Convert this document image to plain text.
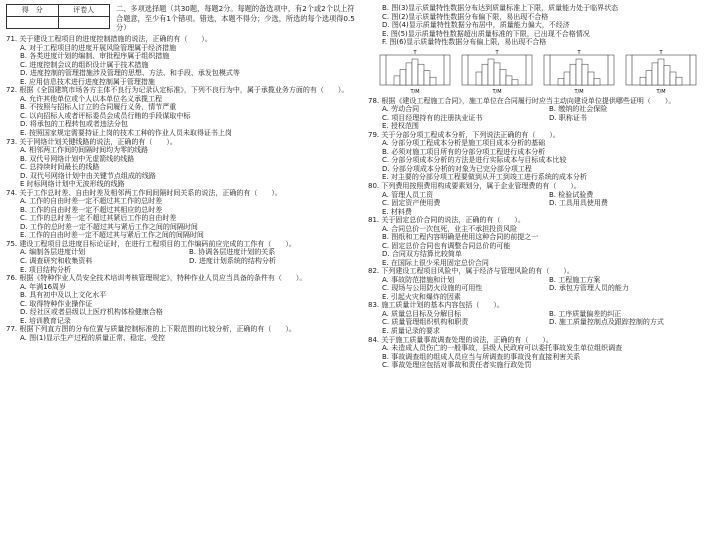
得　分	评卷人
		二、多项选择题（共30题，每题2分。每题的备选项中，有2个或2个以上符合题意，至少有1个错项。错选，本题不得分；少选，所选的每个选项得0.5分）
71. 关于建设工程项目的进度控制措施的说法，正确的有（　　）。
A. 对于工程项目的进度开展风险管理属于经济措施
B. 各类进度计划的编制、审批程序属于组织措施
C. 进度控制会议的组织设计属于技术措施
D. 进度控制的管理措施涉及管理的思想、方法、和手段、承发包模式等
E. 应用信息技术进行进度控制属于管理措施
72. 根据《全国建筑市场各方主体不良行为记录认定标准》，下列不良行为中，属于承揽业务方面的有（　　）。
A. 允许其他单位或个人以本单位名义承揽工程
B. 不按照与招标人订立的合同履行义务，情节严重
C. 以向招标人或者评标委员会成员行贿的手段谋取中标
D. 将承包的工程转包或者违法分包
E. 按照国家规定需要持证上岗的技术工种的作业人员未取得证书上岗
73. 关于网络计划关键线路的说法，正确的有（　　）。
A. 相邻两工作间的间隔时间均为零的线路
B. 双代号网络计划中无虚箭线的线路
C. 总持续时间最长的线路
D. 双代号网络计划中由关键节点组成的线路
E 时标网络计划中无波形线的线路
74. 关于工作总时差、自由时差及相邻两工作间间隔时间关系的说法，正确的有（　　）。
A. 工作的自由时差一定不超过其工作的总时差
B. 工作的自由时差一定不超过其相应的总时差
C. 工作的总时差一定不超过其紧后工作的自由时差
D. 工作的总时差一定不超过其与紧后工作之间的间隔时间
E. 工作的自由时差一定不超过其与紧后工作之间的间隔时间
75. 建设工程项目总进度目标论证时，在进行工程项目的工作编码前应完成的工作有（　　）。
A. 编制各层进度计划	B. 协调各层进度计划的关系
C. 调查研究和收集资料	D. 进度计划系统的结构分析
E. 项目结构分析
76. 根据《特种作业人员安全技术培训考核管理规定》，特种作业人员应当具备的条件有（　　）。
A. 年满16周岁
B. 具有初中及以上文化水平
C. 取得特种作业操作证
D. 经社区或者县级以上医疗机构体检健康合格
E. 培训教育记录
77. 根据下列直方图的分布位置与质量控制标准的上下限范围的比较分析，正确的有（　　）。
A. 图(1)显示生产过程的质量正常、稳定、受控
B. 图(3)显示质量特性数据分布达到质量标准上下限，质量能力处于临界状态
C. 图(2)显示质量特性数据分布偏下限，易出现不合格
D. 图(4)显示质量特性数据分布居中，质量能力偏大，不经济
E. 图(5)显示质量特性数据超出质量标准的下限，已出现不合格情况
F. 图(6)显示质量特性数据分布偏上限，易出现不合格
T
T/M
T
T/M
T
T/M
T
T/M
78. 根据《建设工程施工合同》，施工单位在合同履行时应当主动向建设单位提供哪些证明（　　）。
A. 劳动合同	B. 缴纳的社会保险
C. 项目经理持有的注册执业证书	D. 职称证书
E. 授权范围
79. 关于分部分项工程成本分析，下列说法正确的有（　　）。
A. 分部分项工程成本分析是施工项目成本分析的基础
B. 必须对施工项目所有的分部分项工程进行成本分析
C. 分部分项成本分析的方法是进行实际成本与目标成本比较
D. 分部分项成本分析的对象为已完分部分项工程
E. 对主要的分部分项工程要做到从开工到竣工进行系统的成本分析
80. 下列费用按照费用构成要素划分，属于企业管理费的有（　　）。
A. 管理人员工资	B. 检验试验费
C. 固定资产使用费	D. 工具用具使用费
E. 材料费
81. 关于固定总价合同的说法，正确的有（　　）。
A. 合同总价一次包死，业主不承担投资风险
B. 图纸和工程内容明确是使用这种合同的前提之一
C. 固定总价合同也有调整合同总价的可能
D. 合同双方结算比较简单
E. 在国际上很少采用固定总价合同
82. 下列建设工程项目风险中，属于经济与管理风险的有（　　）。
A. 事故防范措施和计划	B. 工程施工方案
C. 现场与公用防火设施的可用性	D. 承包方管理人员的能力
E. 引起火灾和爆炸的因素
83. 施工质量计划的基本内容包括（　　）。
A. 质量总目标及分解目标	B. 工序质量偏差的纠正
C. 质量管理组织机构和职责	D. 施工质量控制点及跟踪控制的方式
E. 质量记录的要求
84. 关于施工质量事故调查处理的说法，正确的有（　　）。
A. 未造成人员伤亡的一般事故，县级人民政府可以委托事故发生单位组织调查
B. 事故调查组的组成人员应当与所调查的事故没有直接利害关系
C. 事故处理应包括对事故和责任者实施行政处罚
